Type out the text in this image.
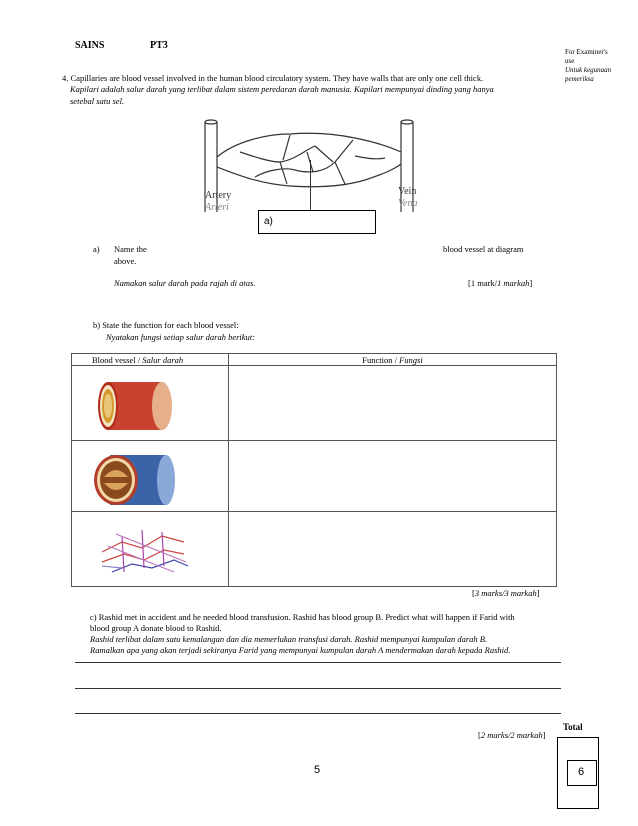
SAINS	PT3
For Examiner's
use
Untuk kegunaan
pemeriksa
4. Capillaries are blood vessel involved in the human blood circulatory system. They have walls that are only one cell thick.
Kapilari adalah salur darah yang terlibat dalam sistem peredaran darah manusia. Kapilari mempunyai dinding yang hanya
setebal satu sel.
Artery
Arteri
Vein
Vena
a)
a) Name the	blood vessel at diagram
above.
Namakan salur darah pada rajah di atas.	[1 mark/1 markah]
b) State the function for each blood vessel:
Nyatakan fungsi setiap salur darah berikut:
Blood vessel / Salur darah	Function / Fungsi

[3 marks/3 markah]
c) Rashid met in accident and he needed blood transfusion. Rashid has blood group B. Predict what will happen if Farid with
blood group A donate blood to Rashid.
Rashid terlibat dalam satu kemalangan dan dia memerlukan transfusi darah. Rashid mempunyai kumpulan darah B.
Ramalkan apa yang akan terjadi sekiranya Farid yang mempunyai kumpulan darah A mendermakan darah kepada Rashid.
[2 marks/2 markah]
Total
6
5
